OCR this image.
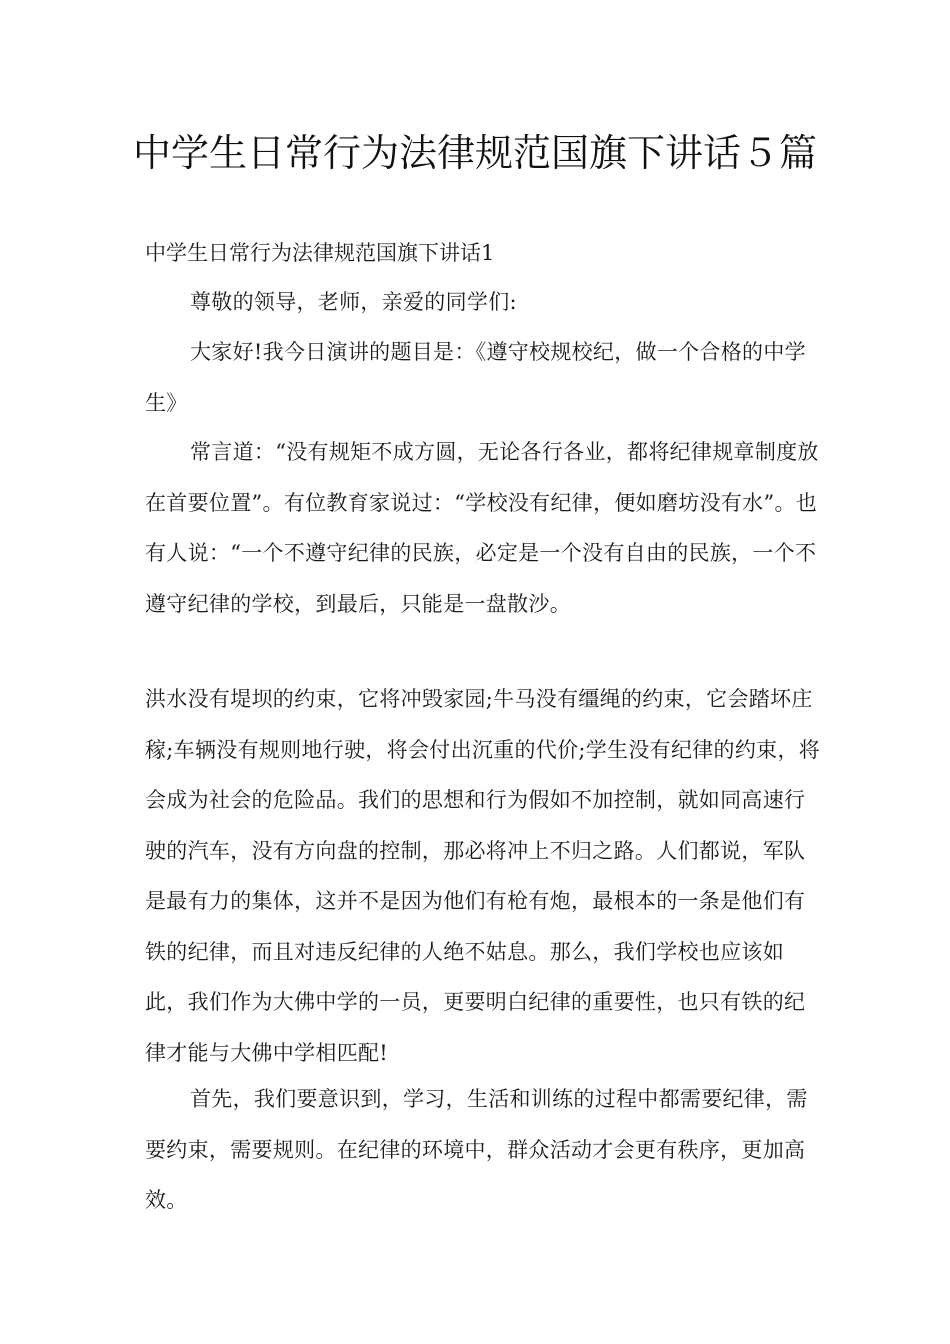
中学生日常行为法律规范国旗下讲话５篇

中学生日常行为法律规范国旗下讲话1

尊敬的领导，老师，亲爱的同学们:

大家好!我今日演讲的题目是：《遵守校规校纪，做一个合格的中学生》

常言道：“没有规矩不成方圆，无论各行各业，都将纪律规章制度放在首要位置”。有位教育家说过：“学校没有纪律，便如磨坊没有水”。也有人说：“一个不遵守纪律的民族，必定是一个没有自由的民族，一个不遵守纪律的学校，到最后，只能是一盘散沙。

洪水没有堤坝的约束，它将冲毁家园;牛马没有缰绳的约束，它会踏坏庄稼;车辆没有规则地行驶，将会付出沉重的代价;学生没有纪律的约束，将会成为社会的危险品。我们的思想和行为假如不加控制，就如同高速行驶的汽车，没有方向盘的控制，那必将冲上不归之路。人们都说，军队是最有力的集体，这并不是因为他们有枪有炮，最根本的一条是他们有铁的纪律，而且对违反纪律的人绝不姑息。那么，我们学校也应该如此，我们作为大佛中学的一员，更要明白纪律的重要性，也只有铁的纪律才能与大佛中学相匹配!

首先，我们要意识到，学习，生活和训练的过程中都需要纪律，需要约束，需要规则。在纪律的环境中，群众活动才会更有秩序，更加高效。
